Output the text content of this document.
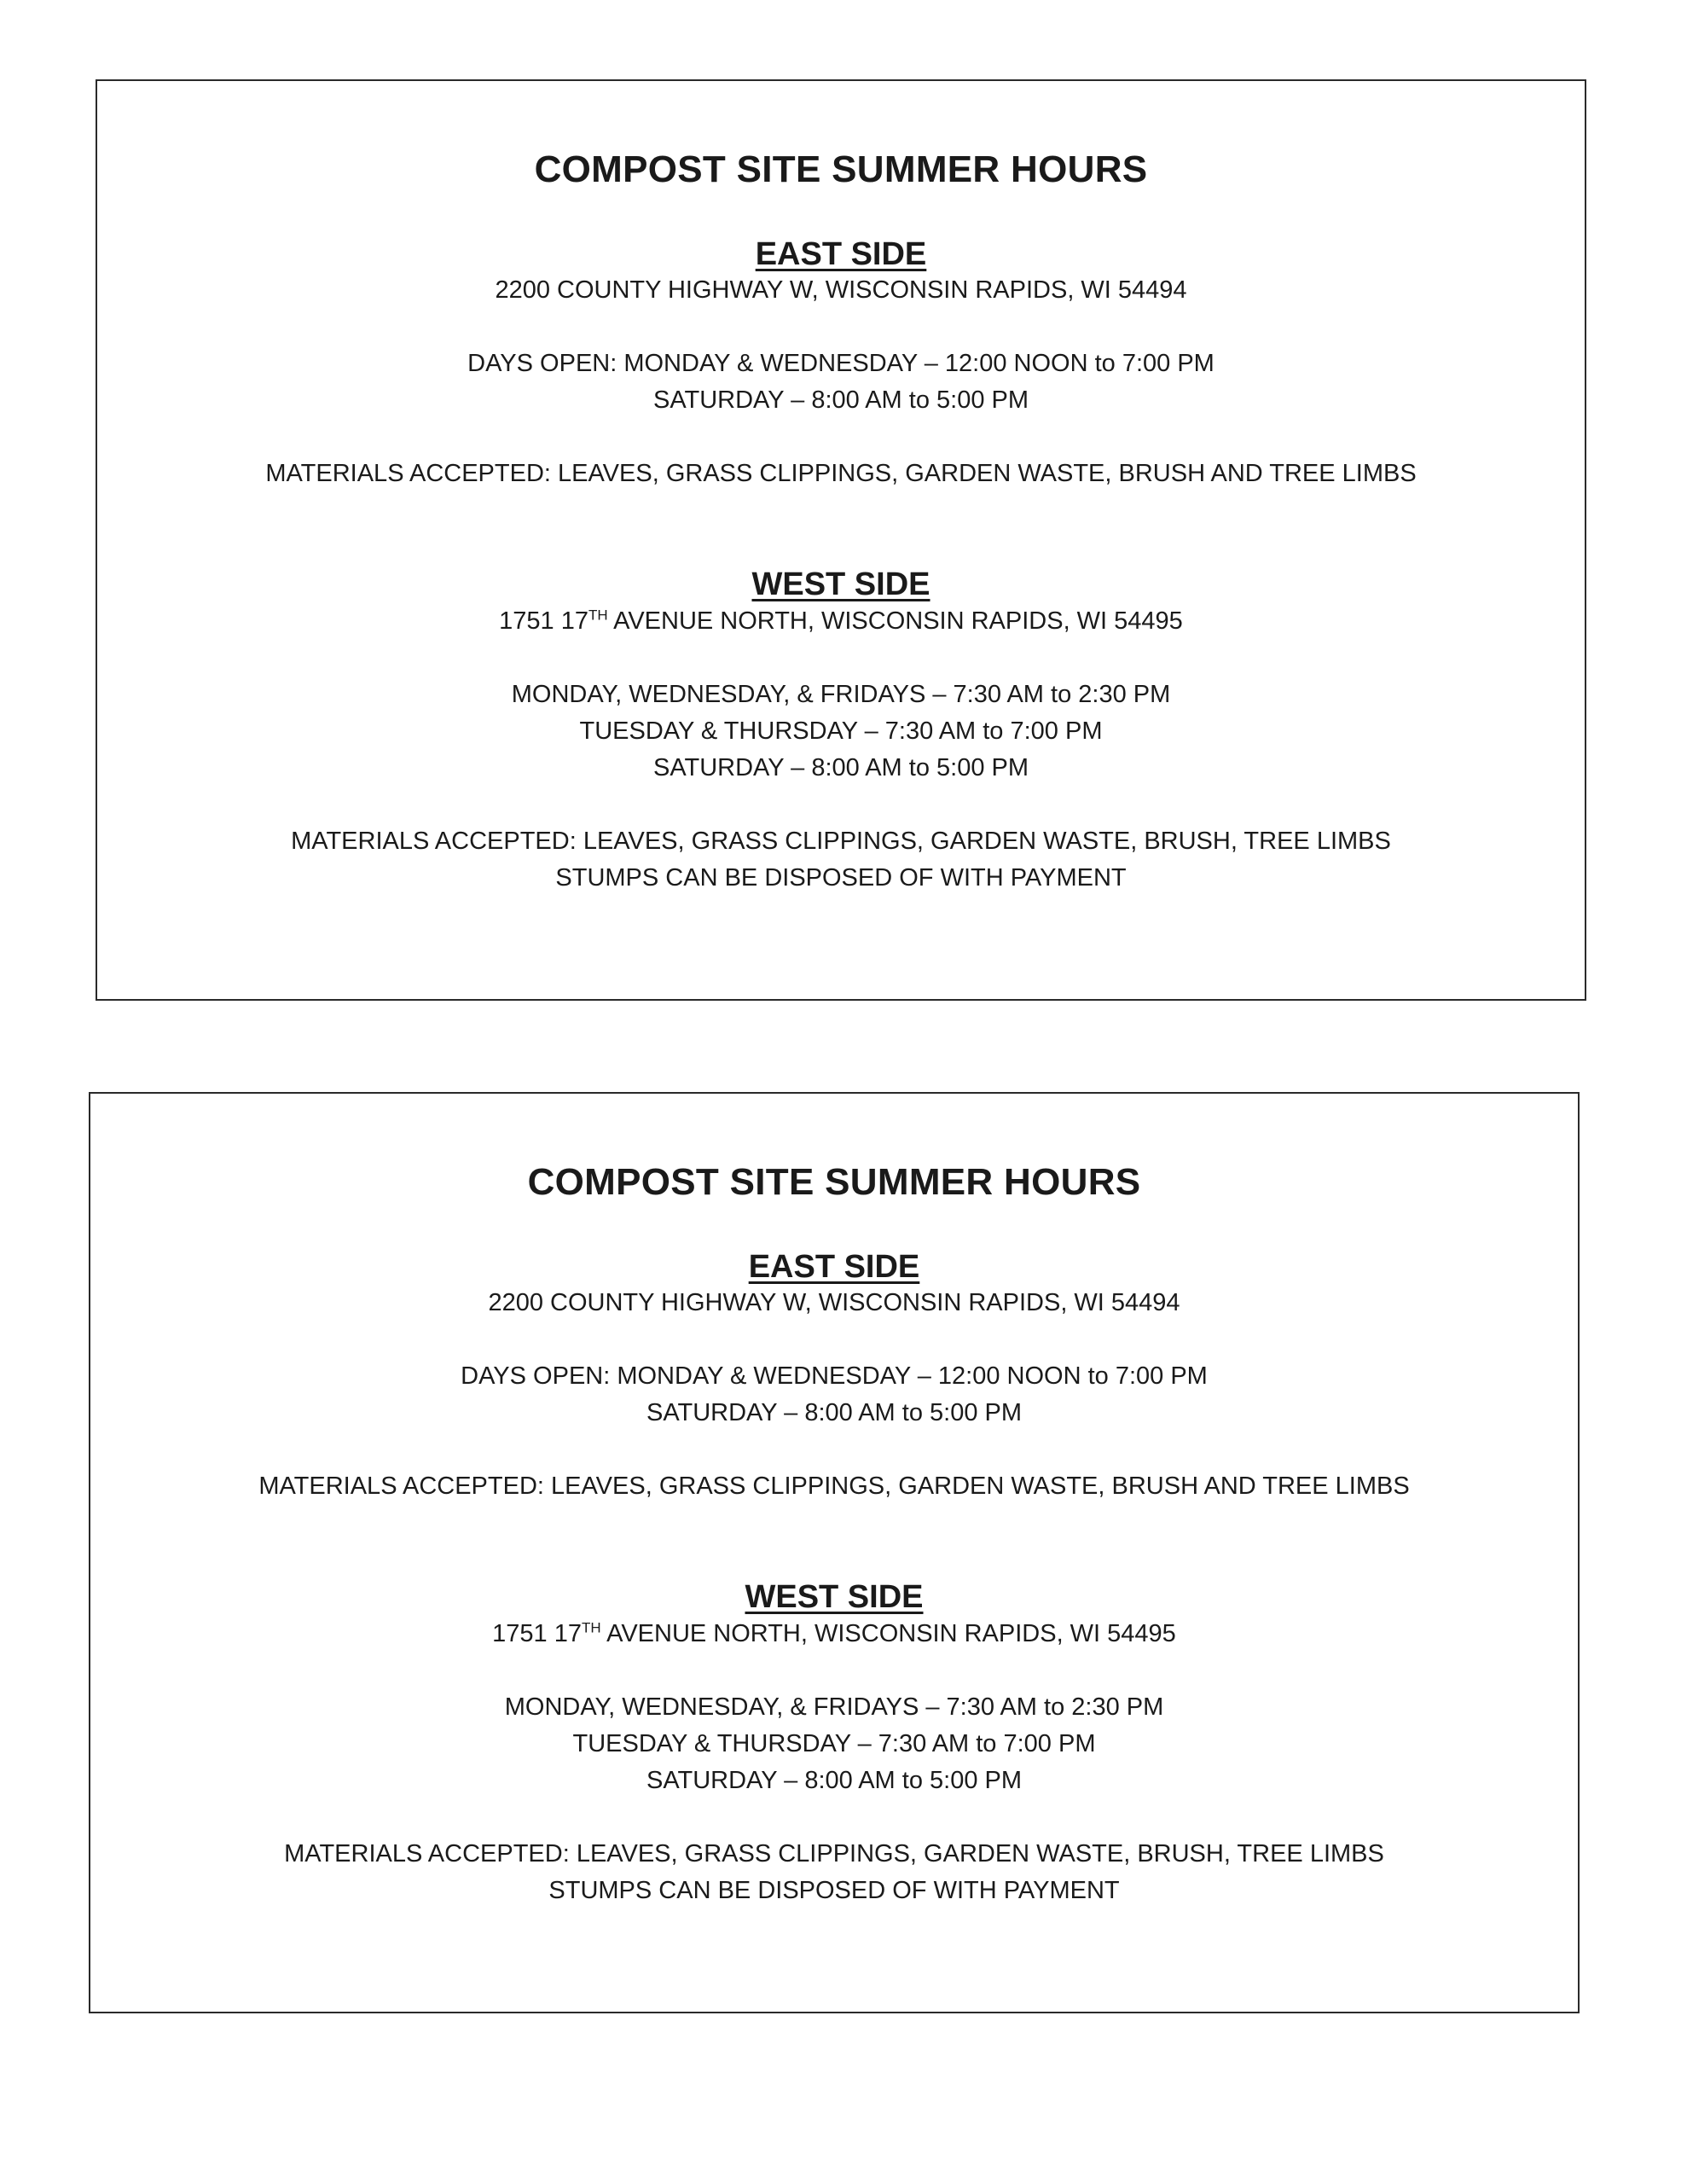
COMPOST SITE SUMMER HOURS

EAST SIDE

2200 COUNTY HIGHWAY W, WISCONSIN RAPIDS, WI 54494

DAYS OPEN: MONDAY & WEDNESDAY – 12:00 NOON to 7:00 PM

SATURDAY – 8:00 AM to 5:00 PM

MATERIALS ACCEPTED: LEAVES, GRASS CLIPPINGS, GARDEN WASTE, BRUSH AND TREE LIMBS

WEST SIDE

1751 17TH AVENUE NORTH, WISCONSIN RAPIDS, WI 54495

MONDAY, WEDNESDAY, & FRIDAYS – 7:30 AM to 2:30 PM

TUESDAY & THURSDAY – 7:30 AM to 7:00 PM

SATURDAY – 8:00 AM to 5:00 PM

MATERIALS ACCEPTED: LEAVES, GRASS CLIPPINGS, GARDEN WASTE, BRUSH, TREE LIMBS

STUMPS CAN BE DISPOSED OF WITH PAYMENT

COMPOST SITE SUMMER HOURS

EAST SIDE

2200 COUNTY HIGHWAY W, WISCONSIN RAPIDS, WI 54494

DAYS OPEN: MONDAY & WEDNESDAY – 12:00 NOON to 7:00 PM

SATURDAY – 8:00 AM to 5:00 PM

MATERIALS ACCEPTED: LEAVES, GRASS CLIPPINGS, GARDEN WASTE, BRUSH AND TREE LIMBS

WEST SIDE

1751 17TH AVENUE NORTH, WISCONSIN RAPIDS, WI 54495

MONDAY, WEDNESDAY, & FRIDAYS – 7:30 AM to 2:30 PM

TUESDAY & THURSDAY – 7:30 AM to 7:00 PM

SATURDAY – 8:00 AM to 5:00 PM

MATERIALS ACCEPTED: LEAVES, GRASS CLIPPINGS, GARDEN WASTE, BRUSH, TREE LIMBS

STUMPS CAN BE DISPOSED OF WITH PAYMENT
